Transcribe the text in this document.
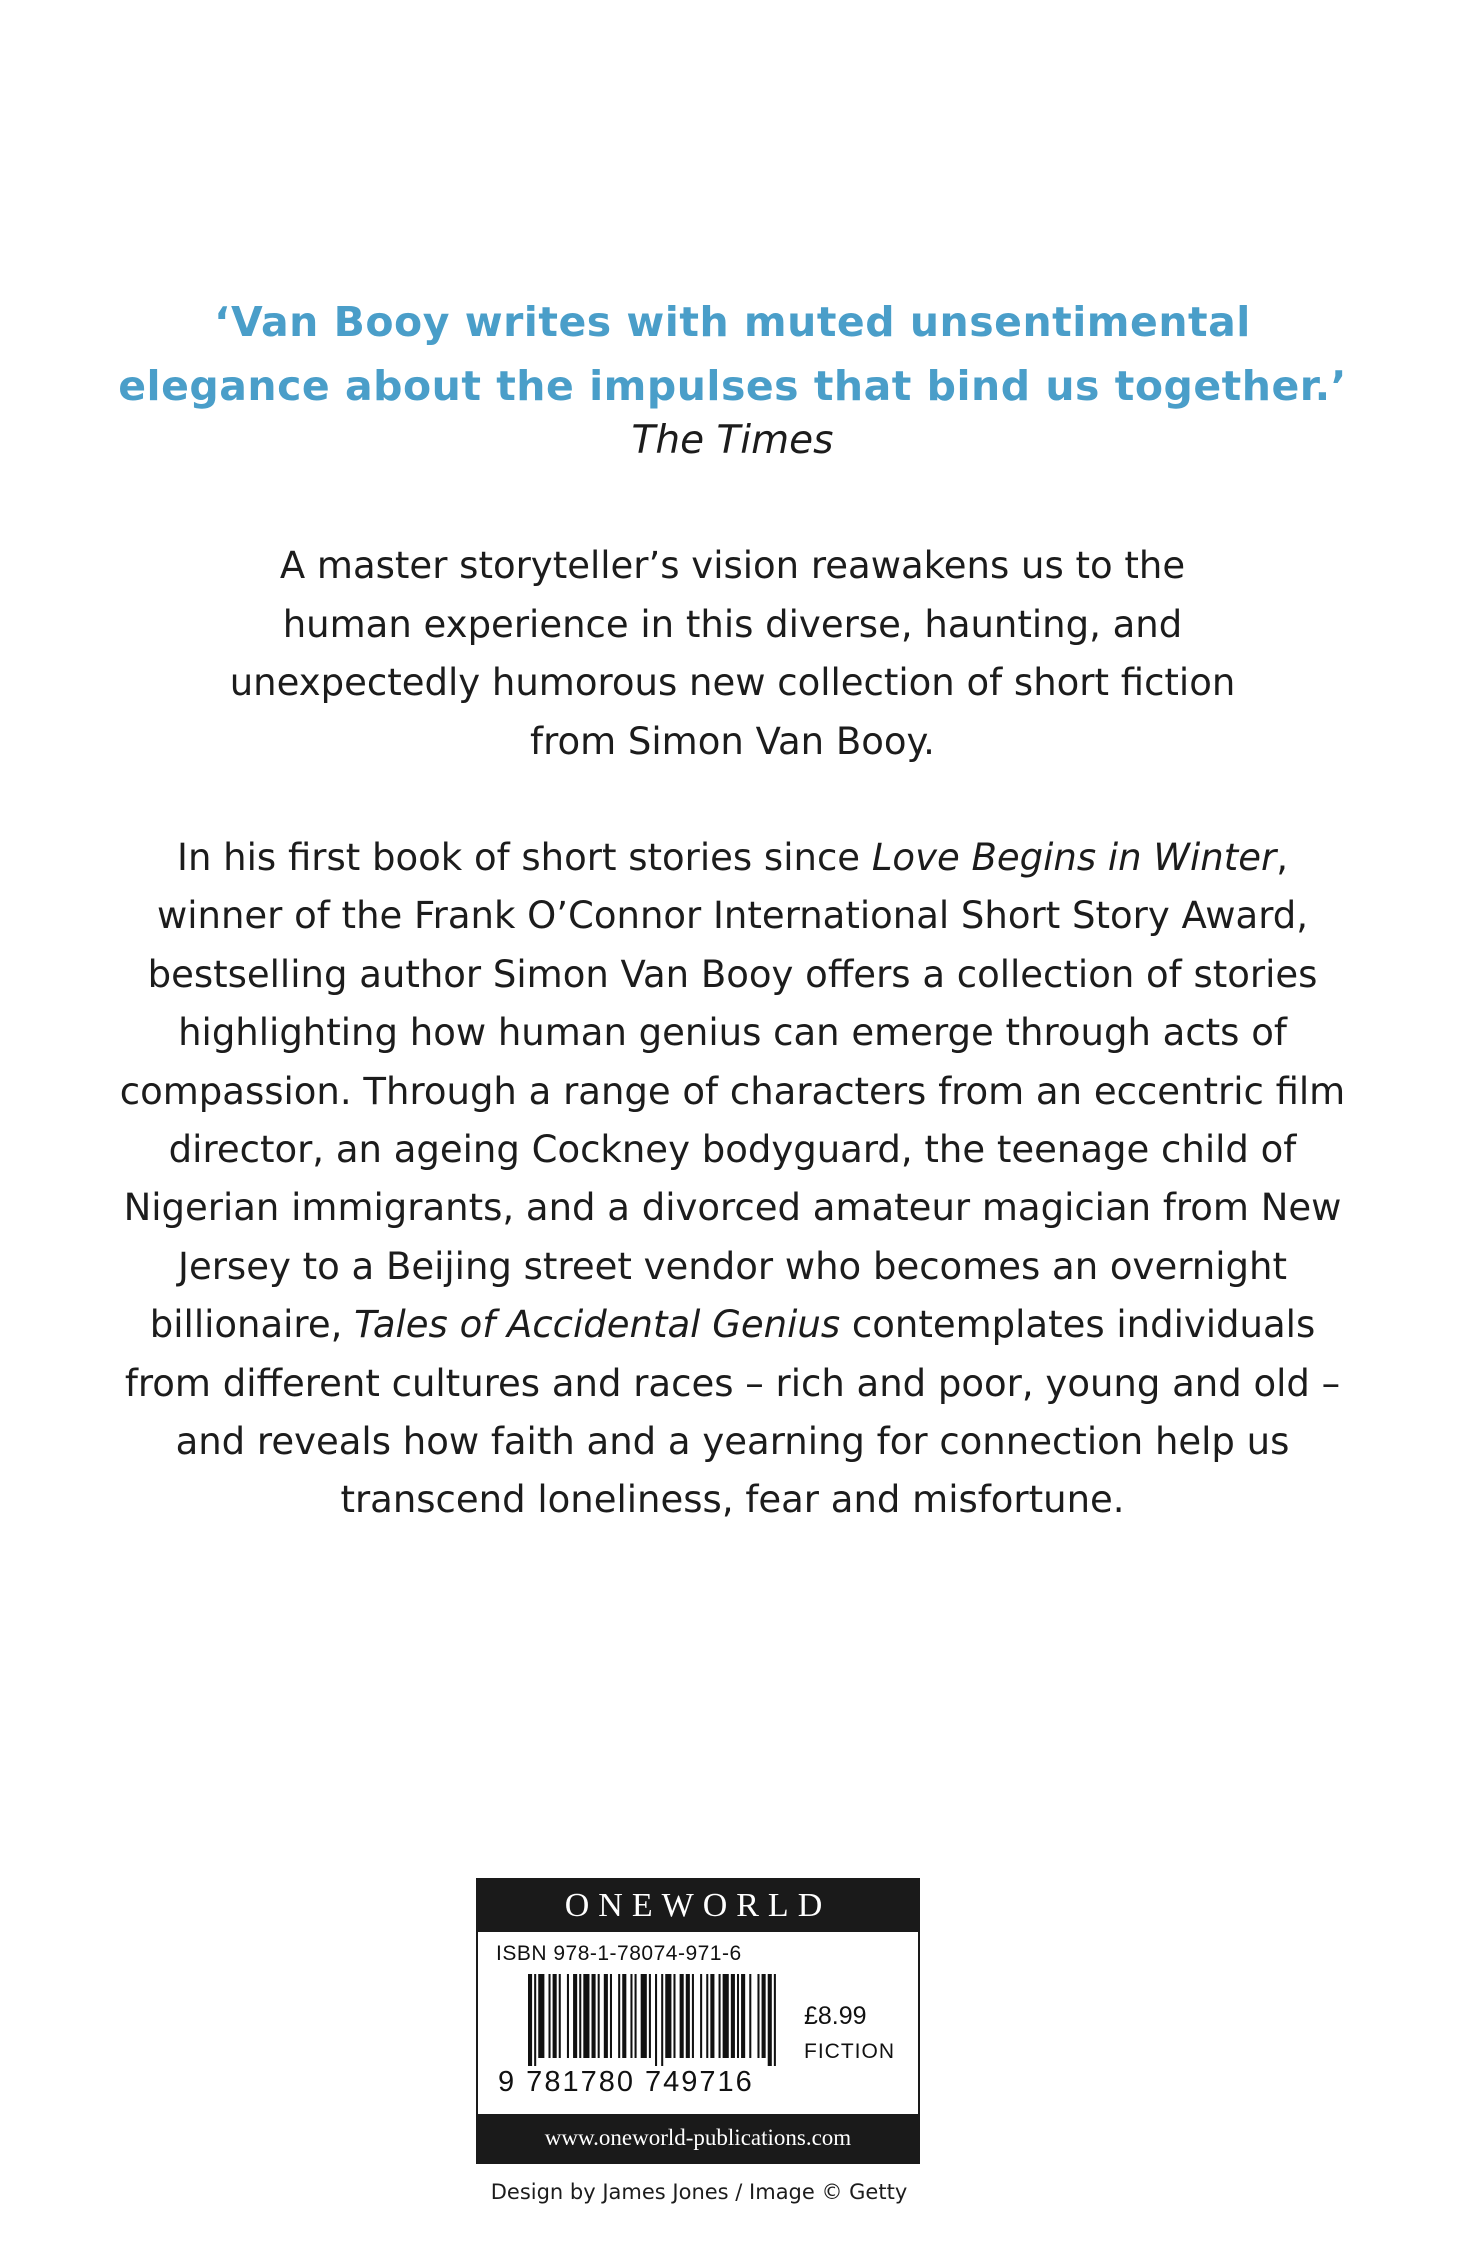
‘Van Booy writes with muted unsentimental
elegance about the impulses that bind us together.’
The Times
A master storyteller’s vision reawakens us to the
human experience in this diverse, haunting, and
unexpectedly humorous new collection of short fiction
from Simon Van Booy.
In his first book of short stories since Love Begins in Winter, winner of the Frank O’Connor International Short Story Award, bestselling author Simon Van Booy offers a collection of stories highlighting how human genius can emerge through acts of compassion. Through a range of characters from an eccentric film director, an ageing Cockney bodyguard, the teenage child of Nigerian immigrants, and a divorced amateur magician from New Jersey to a Beijing street vendor who becomes an overnight billionaire, Tales of Accidental Genius contemplates individuals from different cultures and races – rich and poor, young and old – and reveals how faith and a yearning for connection help us transcend loneliness, fear and misfortune.
ONEWORLD
ISBN 978-1-78074-971-6
9 781780 749716
£8.99
FICTION
www.oneworld-publications.com
Design by James Jones / Image © Getty
